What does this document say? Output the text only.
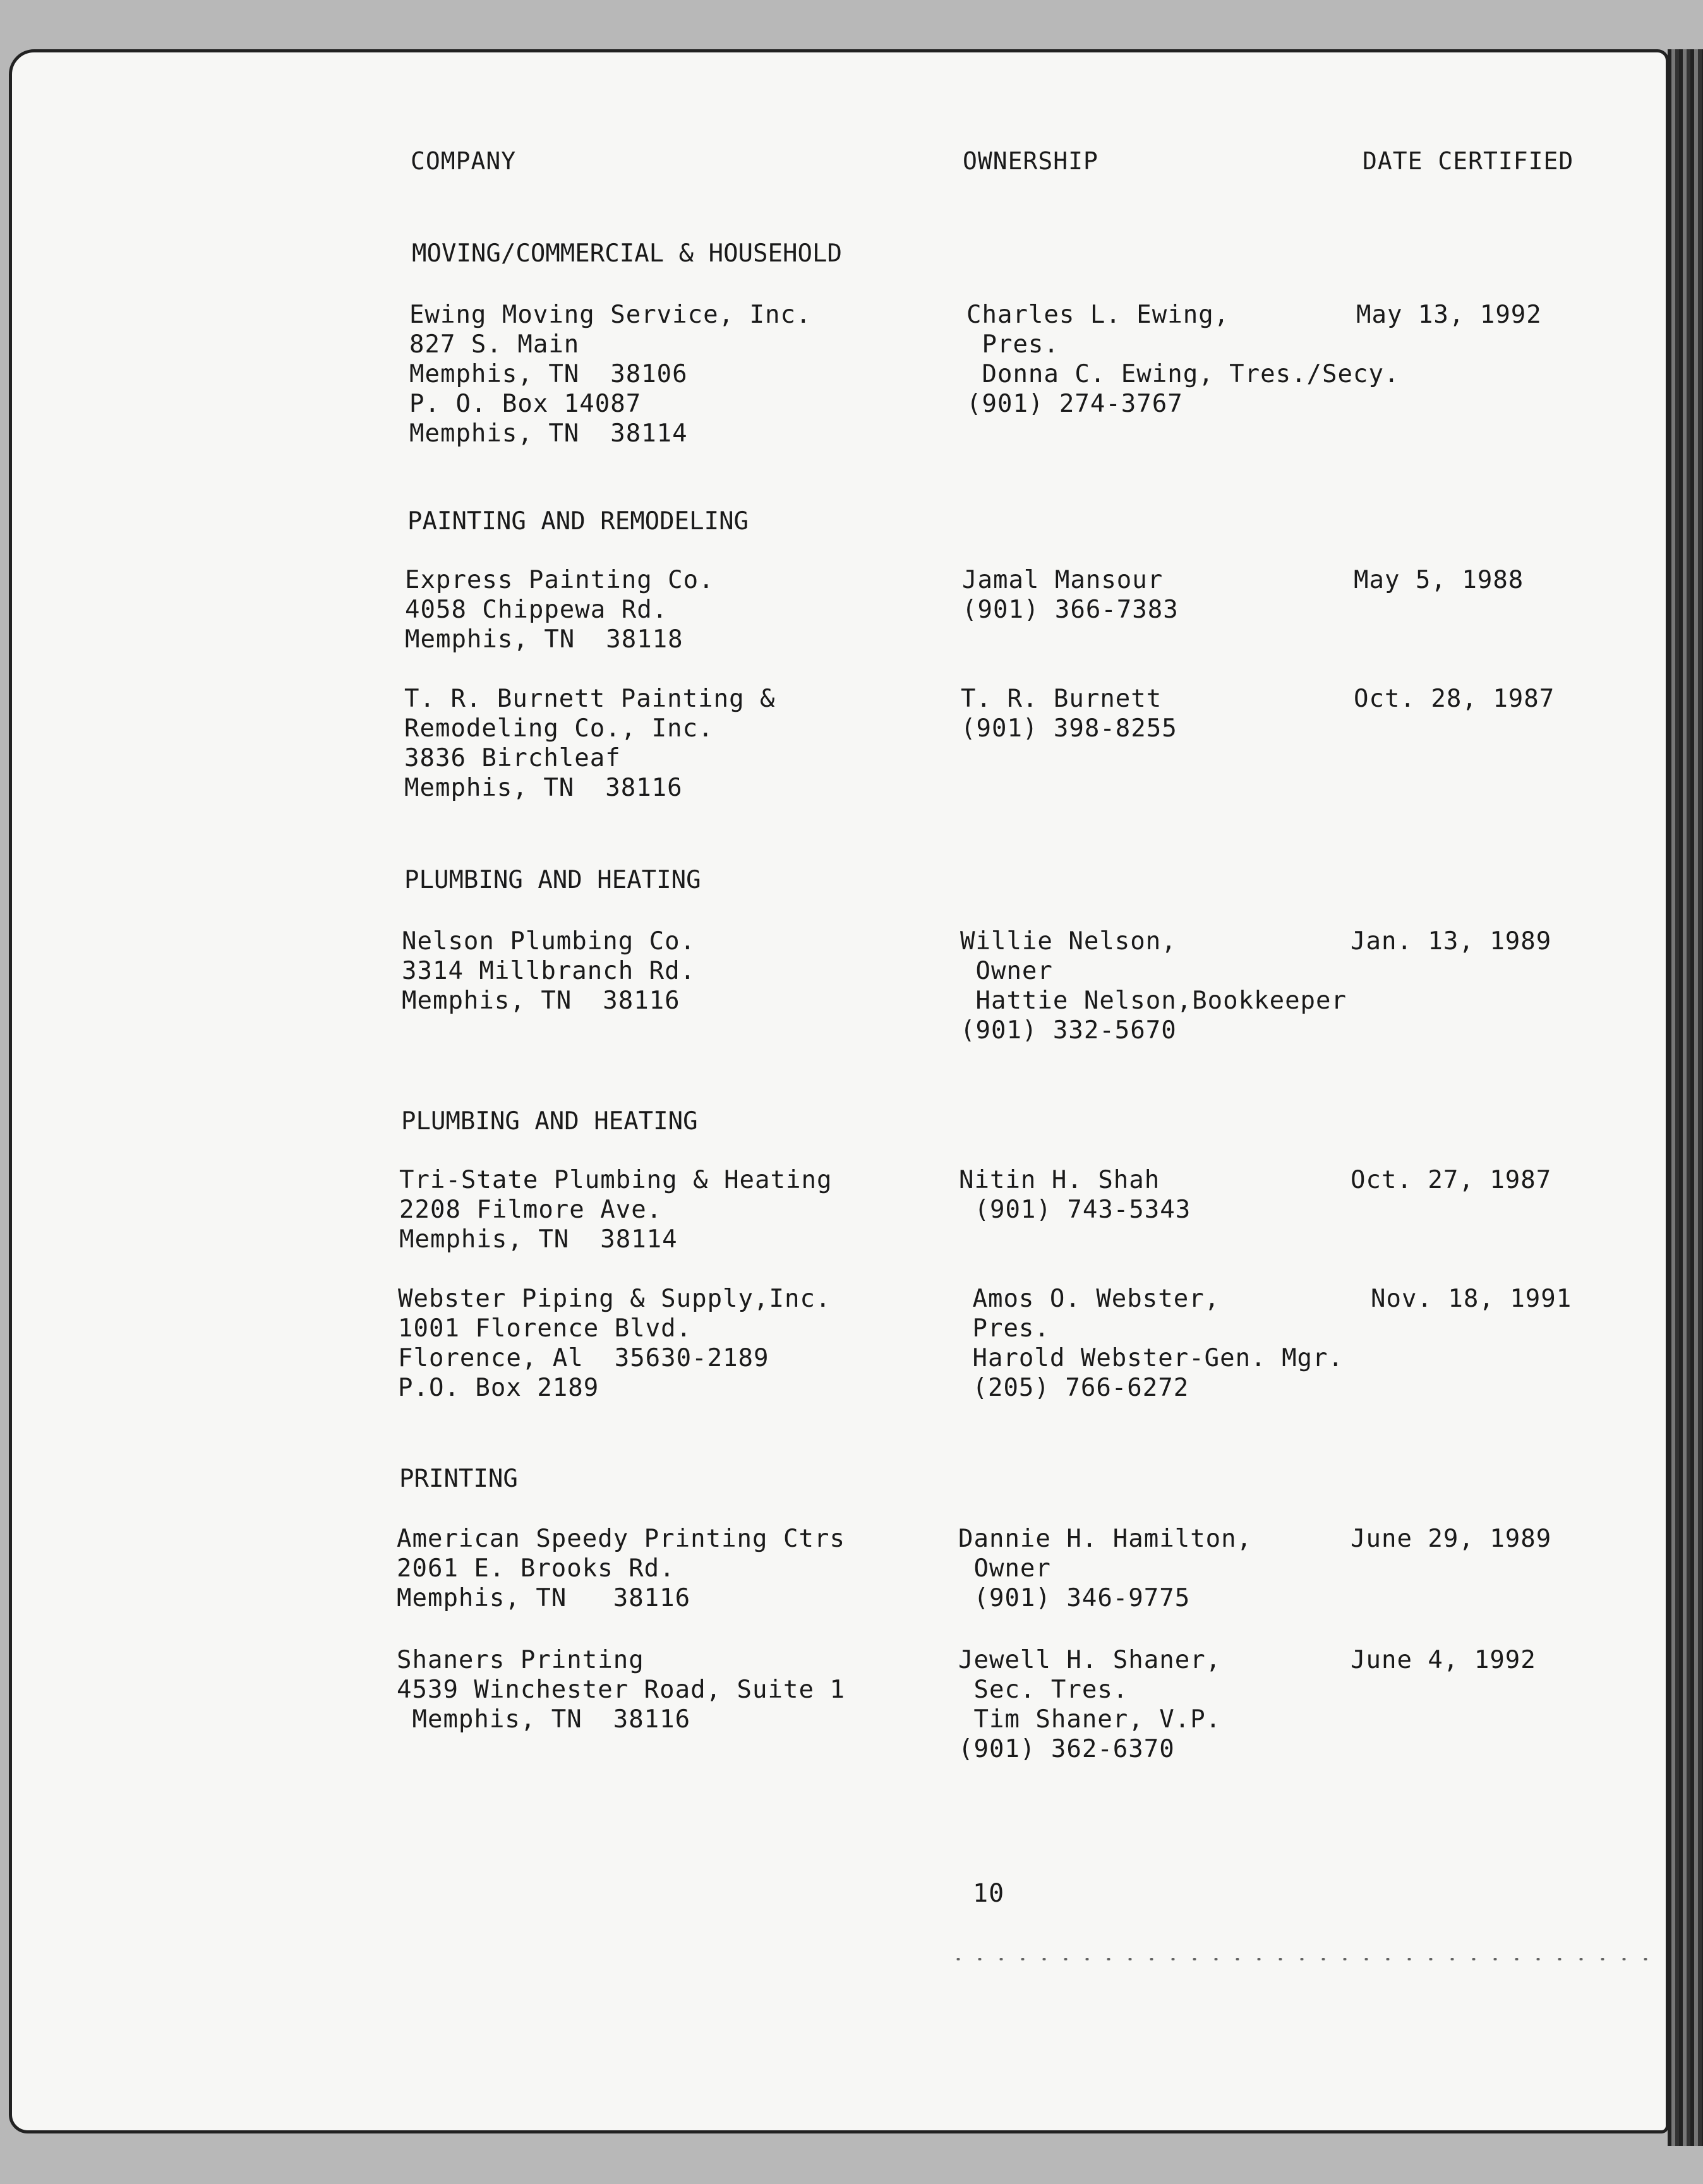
COMPANY	OWNERSHIP	DATE CERTIFIED
MOVING/COMMERCIAL & HOUSEHOLD
Ewing Moving Service, Inc.
827 S. Main
Memphis, TN  38106
P. O. Box 14087
Memphis, TN  38114
Charles L. Ewing,
Pres.
Donna C. Ewing, Tres./Secy.
(901) 274-3767
May 13, 1992
PAINTING AND REMODELING
Express Painting Co.
4058 Chippewa Rd.
Memphis, TN  38118
Jamal Mansour
(901) 366-7383
May 5, 1988
T. R. Burnett Painting &
Remodeling Co., Inc.
3836 Birchleaf
Memphis, TN  38116
T. R. Burnett
(901) 398-8255
Oct. 28, 1987
PLUMBING AND HEATING
Nelson Plumbing Co.
3314 Millbranch Rd.
Memphis, TN  38116
Willie Nelson,
Owner
Hattie Nelson,Bookkeeper
(901) 332-5670
Jan. 13, 1989
PLUMBING AND HEATING
Tri-State Plumbing & Heating
2208 Filmore Ave.
Memphis, TN  38114
Nitin H. Shah
(901) 743-5343
Oct. 27, 1987
Webster Piping & Supply,Inc.
1001 Florence Blvd.
Florence, Al  35630-2189
P.O. Box 2189
Amos O. Webster,
Pres.
Harold Webster-Gen. Mgr.
(205) 766-6272
Nov. 18, 1991
PRINTING
American Speedy Printing Ctrs
2061 E. Brooks Rd.
Memphis, TN   38116
Dannie H. Hamilton,
Owner
(901) 346-9775
June 29, 1989
Shaners Printing
4539 Winchester Road, Suite 1
Memphis, TN  38116
Jewell H. Shaner,
Sec. Tres.
Tim Shaner, V.P.
(901) 362-6370
June 4, 1992
10
